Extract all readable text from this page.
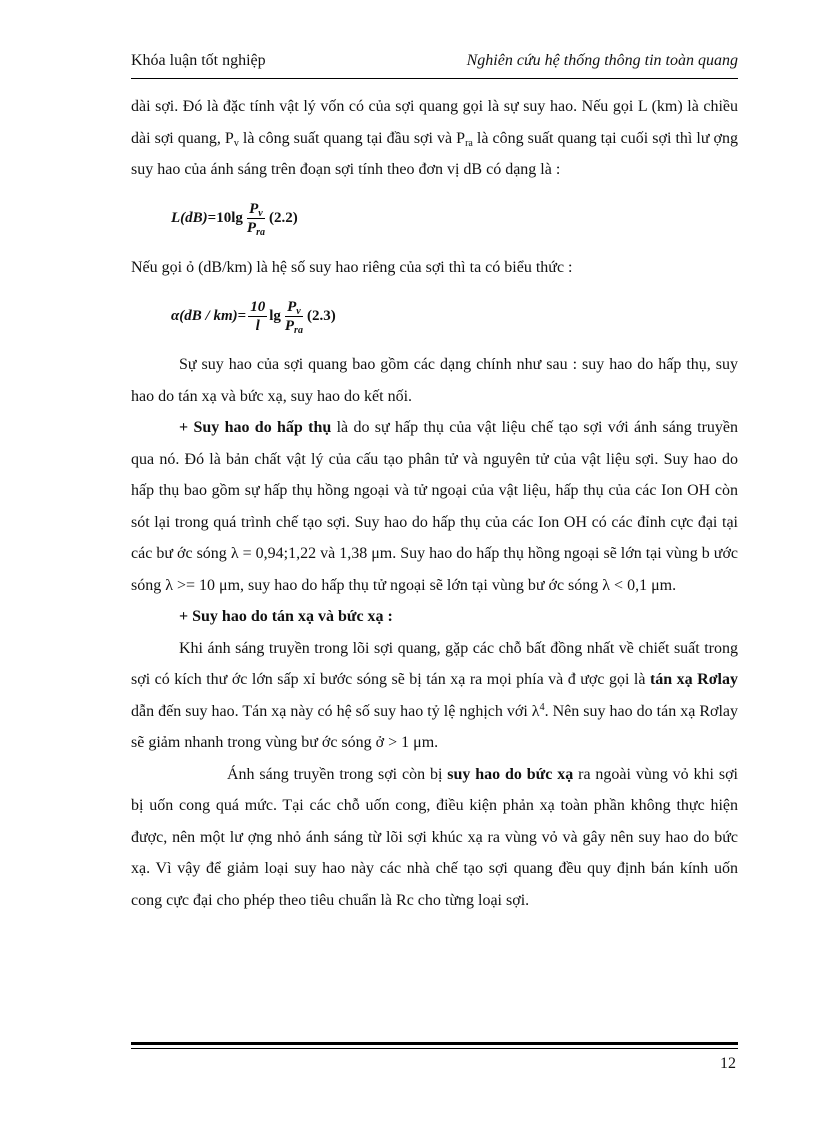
Khóa luận tốt nghiệp	Nghiên cứu hệ thống thông tin toàn quang

dài sợi. Đó là đặc tính vật lý vốn có của sợi quang gọi là sự suy hao. Nếu gọi L (km) là chiều dài sợi quang, $P_v$ là công suất quang tại đầu sợi và $P_{ra}$ là công suất quang tại cuối sợi thì lư ợng suy hao của ánh sáng trên đoạn sợi tính theo đơn vị dB có dạng là :

$L(dB) =10\lg \frac{P_v}{P_{ra}} (2.2)$

Nếu gọi ỏ (dB/km) là hệ số suy hao riêng của sợi thì ta có biểu thức :

$\alpha(dB / km) = \frac{10}{l}$ $\lg \frac{P_v}{P_{ra}} (2.3)$

Sự suy hao của sợi quang bao gồm các dạng chính như sau : suy hao do hấp thụ, suy hao do tán xạ và bức xạ, suy hao do kết nối.

+ Suy hao do hấp thụ là do sự hấp thụ của vật liệu chế tạo sợi với ánh sáng truyền qua nó. Đó là bản chất vật lý của cấu tạo phân tử và nguyên tử của vật liệu sợi. Suy hao do hấp thụ bao gồm sự hấp thụ hồng ngoại và tử ngoại của vật liệu, hấp thụ của các Ion OH còn sót lại trong quá trình chế tạo sợi. Suy hao do hấp thụ của các Ion OH có các đỉnh cực đại tại các bư ớc sóng λ = 0,94;1,22 và 1,38 μm. Suy hao do hấp thụ hồng ngoại sẽ lớn tại vùng b ước sóng λ >= 10 μm, suy hao do hấp thụ tử ngoại sẽ lớn tại vùng bư ớc sóng λ < 0,1 μm.

+ Suy hao do tán xạ và bức xạ :

Khi ánh sáng truyền trong lõi sợi quang, gặp các chỗ bất đồng nhất về chiết suất trong sợi có kích thư ớc lớn sấp xỉ bước sóng sẽ bị tán xạ ra mọi phía và đ ược gọi là tán xạ Rơlay dẫn đến suy hao. Tán xạ này có hệ số suy hao tỷ lệ nghịch với $\lambda^4$. Nên suy hao do tán xạ Rơlay sẽ giảm nhanh trong vùng bư ớc sóng ở > 1 μm.

Ánh sáng truyền trong sợi còn bị suy hao do bức xạ ra ngoài vùng vỏ khi sợi bị uốn cong quá mức. Tại các chỗ uốn cong, điều kiện phản xạ toàn phần không thực hiện được, nên một lư ợng nhỏ ánh sáng từ lõi sợi khúc xạ ra vùng vỏ và gây nên suy hao do bức xạ. Vì vậy để giảm loại suy hao này các nhà chế tạo sợi quang đều quy định bán kính uốn cong cực đại cho phép theo tiêu chuẩn là Rc cho từng loại sợi.

12
